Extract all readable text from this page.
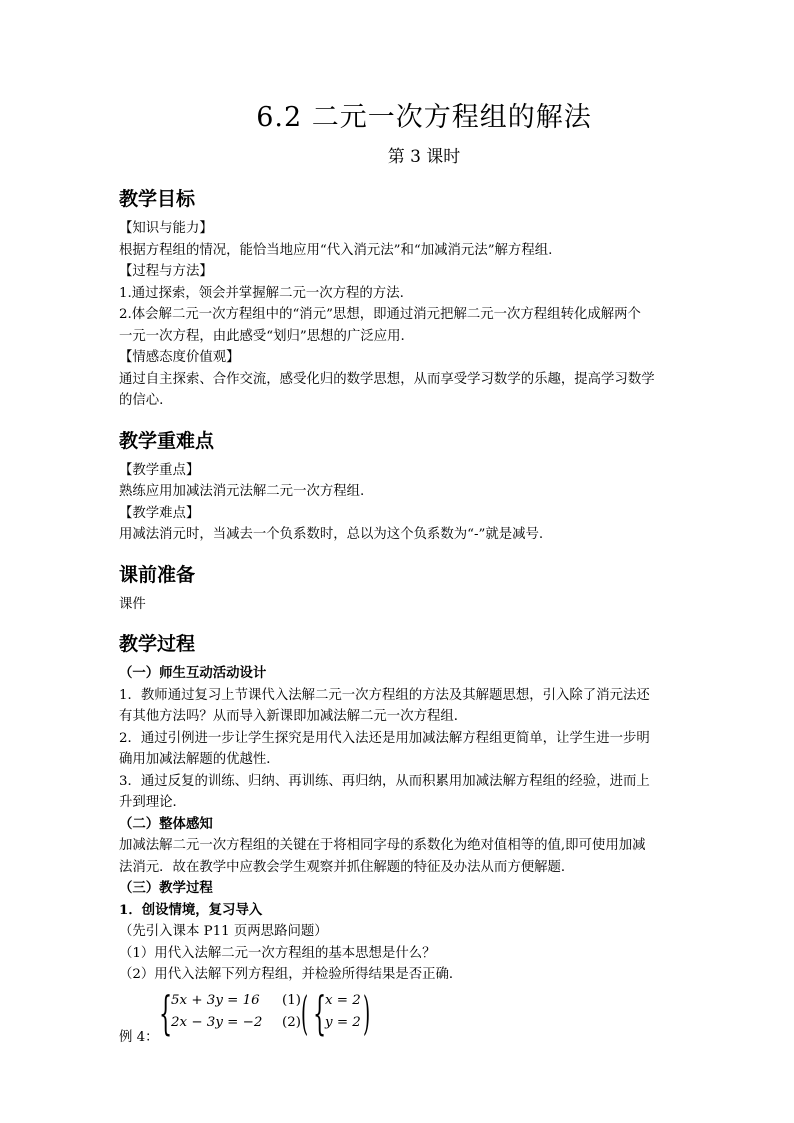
6.2 二元一次方程组的解法
第 3 课时
教学目标

【知识与能力】

根据方程组的情况，能恰当地应用“代入消元法”和“加减消元法”解方程组.

【过程与方法】

1.通过探索，领会并掌握解二元一次方程的方法.

2.体会解二元一次方程组中的“消元”思想，即通过消元把解二元一次方程组转化成解两个

一元一次方程，由此感受“划归”思想的广泛应用.

【情感态度价值观】

通过自主探索、合作交流，感受化归的数学思想，从而享受学习数学的乐趣，提高学习数学

的信心.

教学重难点

【教学重点】

熟练应用加减法消元法解二元一次方程组.

【教学难点】

用减法消元时，当减去一个负系数时，总以为这个负系数为“-”就是减号.

课前准备

课件

教学过程

（一）师生互动活动设计

1．教师通过复习上节课代入法解二元一次方程组的方法及其解题思想，引入除了消元法还

有其他方法吗？从而导入新课即加减法解二元一次方程组．

2．通过引例进一步让学生探究是用代入法还是用加减法解方程组更简单，让学生进一步明

确用加减法解题的优越性．

3．通过反复的训练、归纳、再训练、再归纳，从而积累用加减法解方程组的经验，进而上

升到理论．

（二）整体感知

加减法解二元一次方程组的关键在于将相同字母的系数化为绝对值相等的值,即可使用加减

法消元．故在教学中应教会学生观察并抓住解题的特征及办法从而方便解题．

（三）教学过程

1．创设情境，复习导入

（先引入课本 P11 页两思路问题）

（1）用代入法解二元一次方程组的基本思想是什么？

（2）用代入法解下列方程组，并检验所得结果是否正确．

例 4： {
5x + 3y = 16
2x − 3y = −2
(1)
(2) ( {
x = 2
y = 2 )
